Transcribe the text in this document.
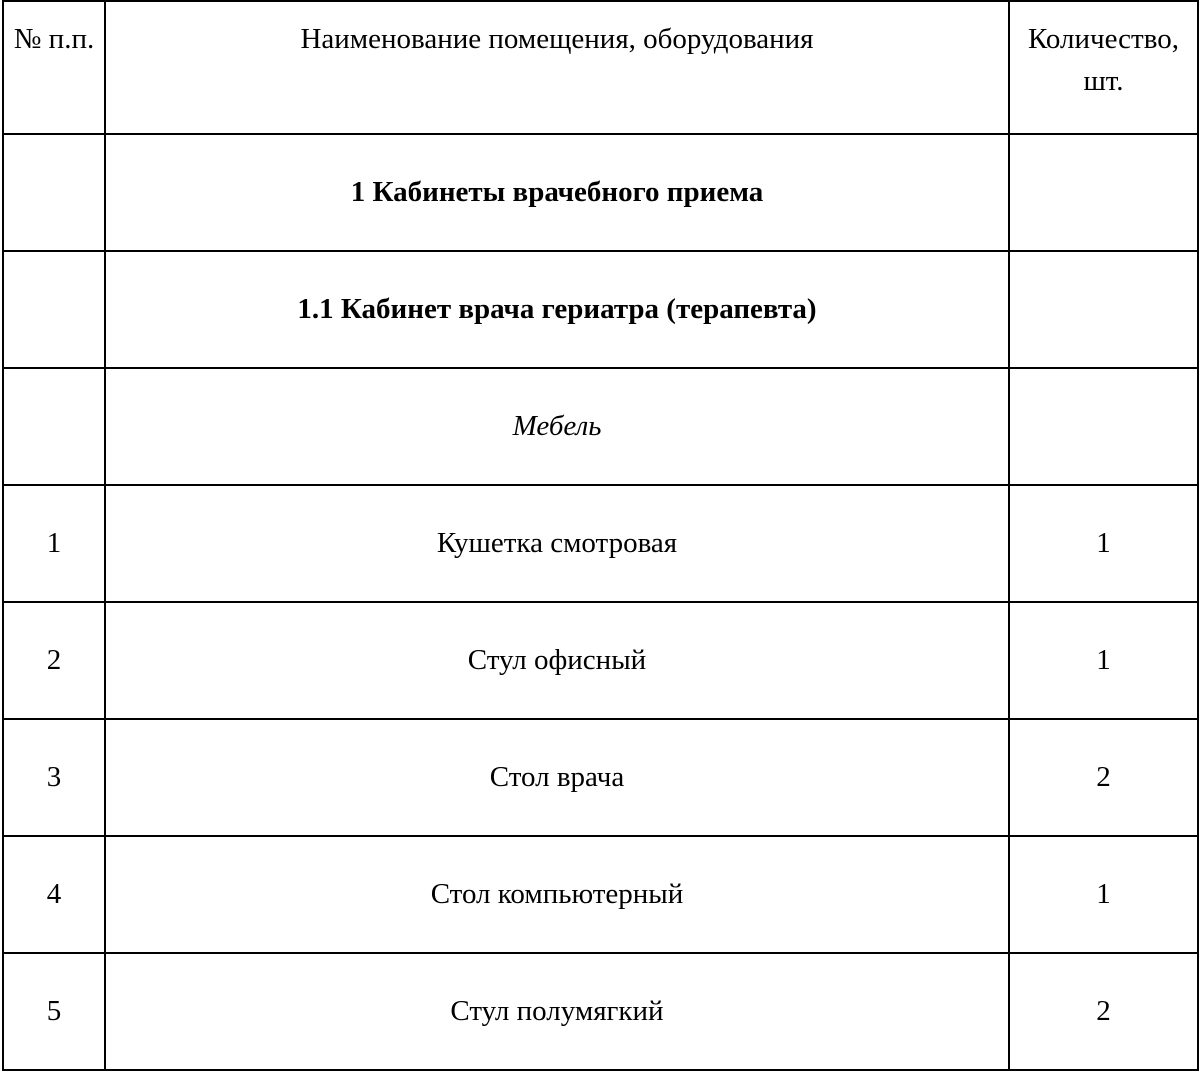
№ п.п.	Наименование помещения, оборудования	Количество, шт.
	1 Кабинеты врачебного приема	
	1.1 Кабинет врача гериатра (терапевта)	
	Мебель	
1	Кушетка смотровая	1
2	Стул офисный	1
3	Стол врача	2
4	Стол компьютерный	1
5	Стул полумягкий	2
